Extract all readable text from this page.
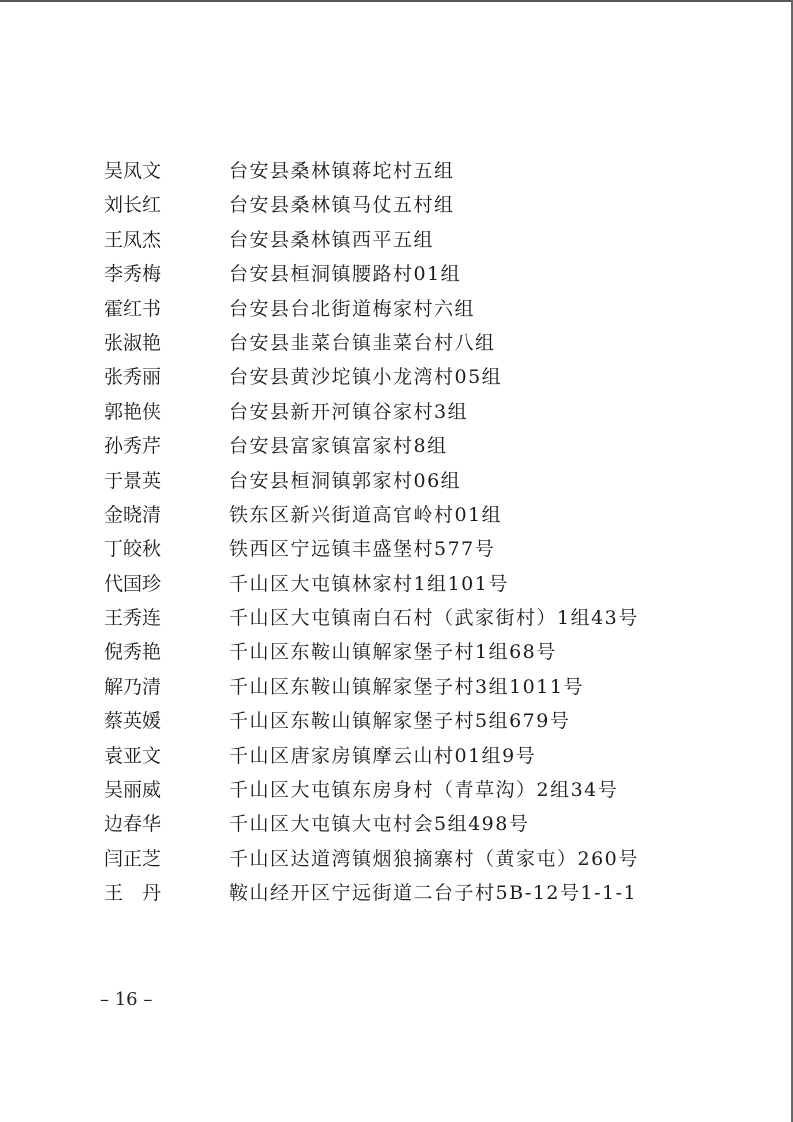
吴凤文	台安县桑林镇蒋坨村五组
刘长红	台安县桑林镇马仗五村组
王凤杰	台安县桑林镇西平五组
李秀梅	台安县桓洞镇腰路村01组
霍红书	台安县台北街道梅家村六组
张淑艳	台安县韭菜台镇韭菜台村八组
张秀丽	台安县黄沙坨镇小龙湾村05组
郭艳侠	台安县新开河镇谷家村3组
孙秀芹	台安县富家镇富家村8组
于景英	台安县桓洞镇郭家村06组
金晓清	铁东区新兴街道高官岭村01组
丁皎秋	铁西区宁远镇丰盛堡村577号
代国珍	千山区大屯镇林家村1组101号
王秀连	千山区大屯镇南白石村（武家街村）1组43号
倪秀艳	千山区东鞍山镇解家堡子村1组68号
解乃清	千山区东鞍山镇解家堡子村3组1011号
蔡英媛	千山区东鞍山镇解家堡子村5组679号
袁亚文	千山区唐家房镇摩云山村01组9号
吴丽威	千山区大屯镇东房身村（青草沟）2组34号
边春华	千山区大屯镇大屯村会5组498号
闫正芝	千山区达道湾镇烟狼摘寨村（黄家屯）260号
王　丹	鞍山经开区宁远街道二台子村5B-12号1-1-1
– 16 –
